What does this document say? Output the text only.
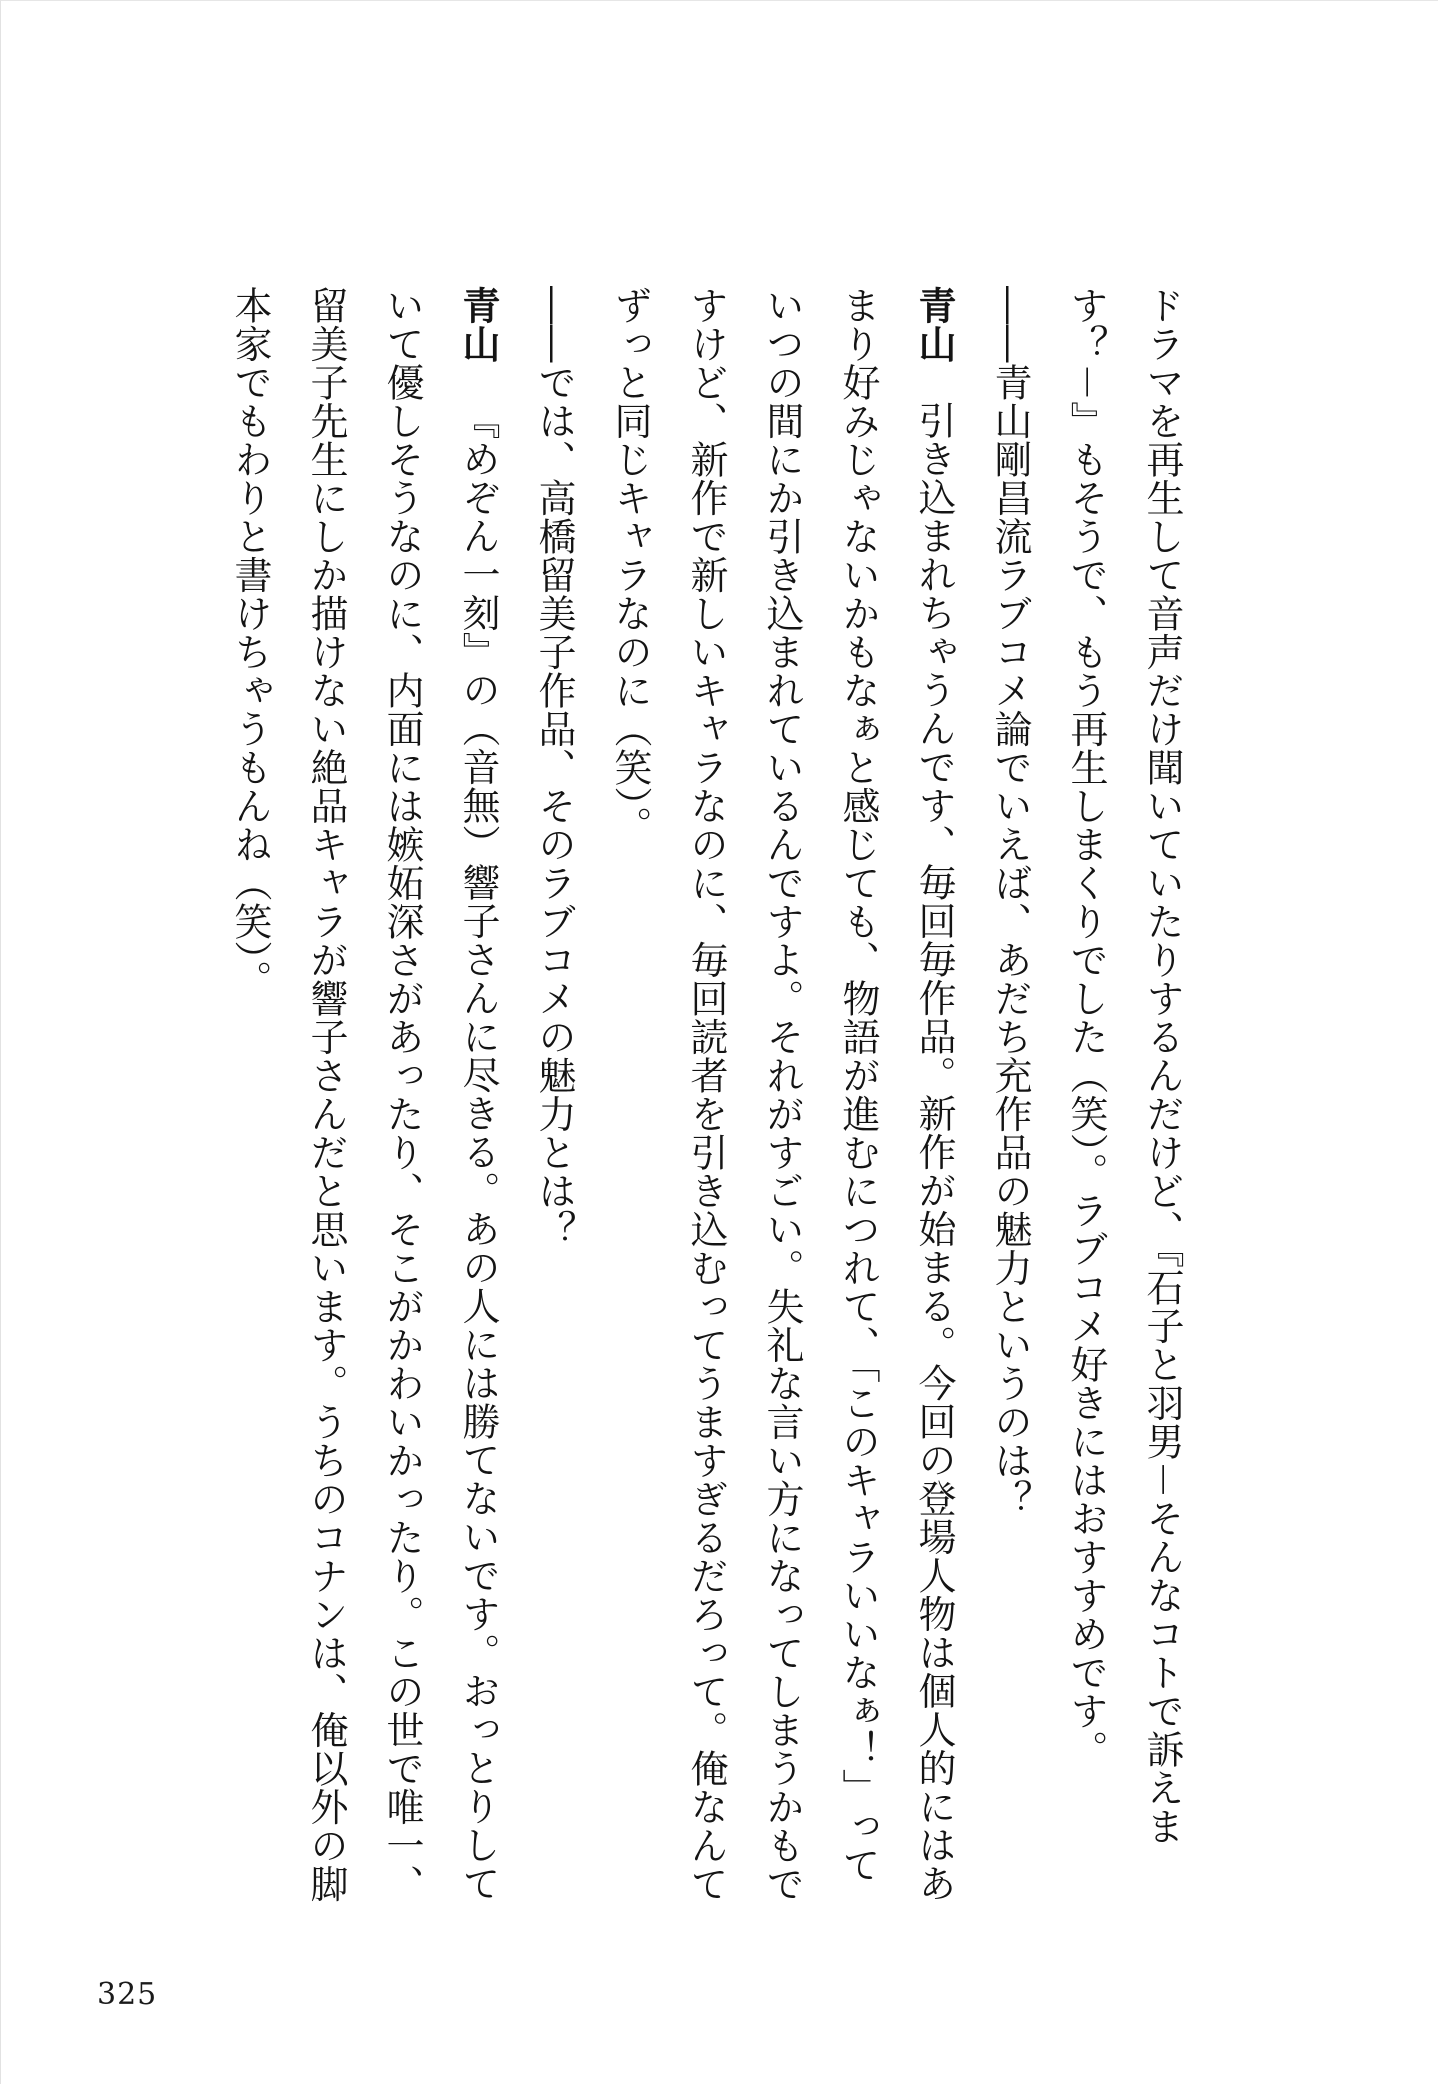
ドラマを再生して音声だけ聞いていたりするんだけど、『石子と羽男－そんなコトで訴えます？－』もそうで、もう再生しまくりでした（笑）。ラブコメ好きにはおすすめです。

――青山剛昌流ラブコメ論でいえば、あだち充作品の魅力というのは？

青山引き込まれちゃうんです、毎回毎作品。新作が始まる。今回の登場人物は個人的にはあまり好みじゃないかもなぁと感じても、物語が進むにつれて、「このキャラいいなぁ！」っていつの間にか引き込まれているんですよ。それがすごい。失礼な言い方になってしまうかもですけど、新作で新しいキャラなのに、毎回読者を引き込むってうますぎるだろって。俺なんてずっと同じキャラなのに（笑）。

――では、高橋留美子作品、そのラブコメの魅力とは？

青山『めぞん一刻』の（音無）響子さんに尽きる。あの人には勝てないです。おっとりしていて優しそうなのに、内面には嫉妬深さがあったり、そこがかわいかったり。この世で唯一、留美子先生にしか描けない絶品キャラが響子さんだと思います。うちのコナンは、俺以外の脚本家でもわりと書けちゃうもんね（笑）。

325
